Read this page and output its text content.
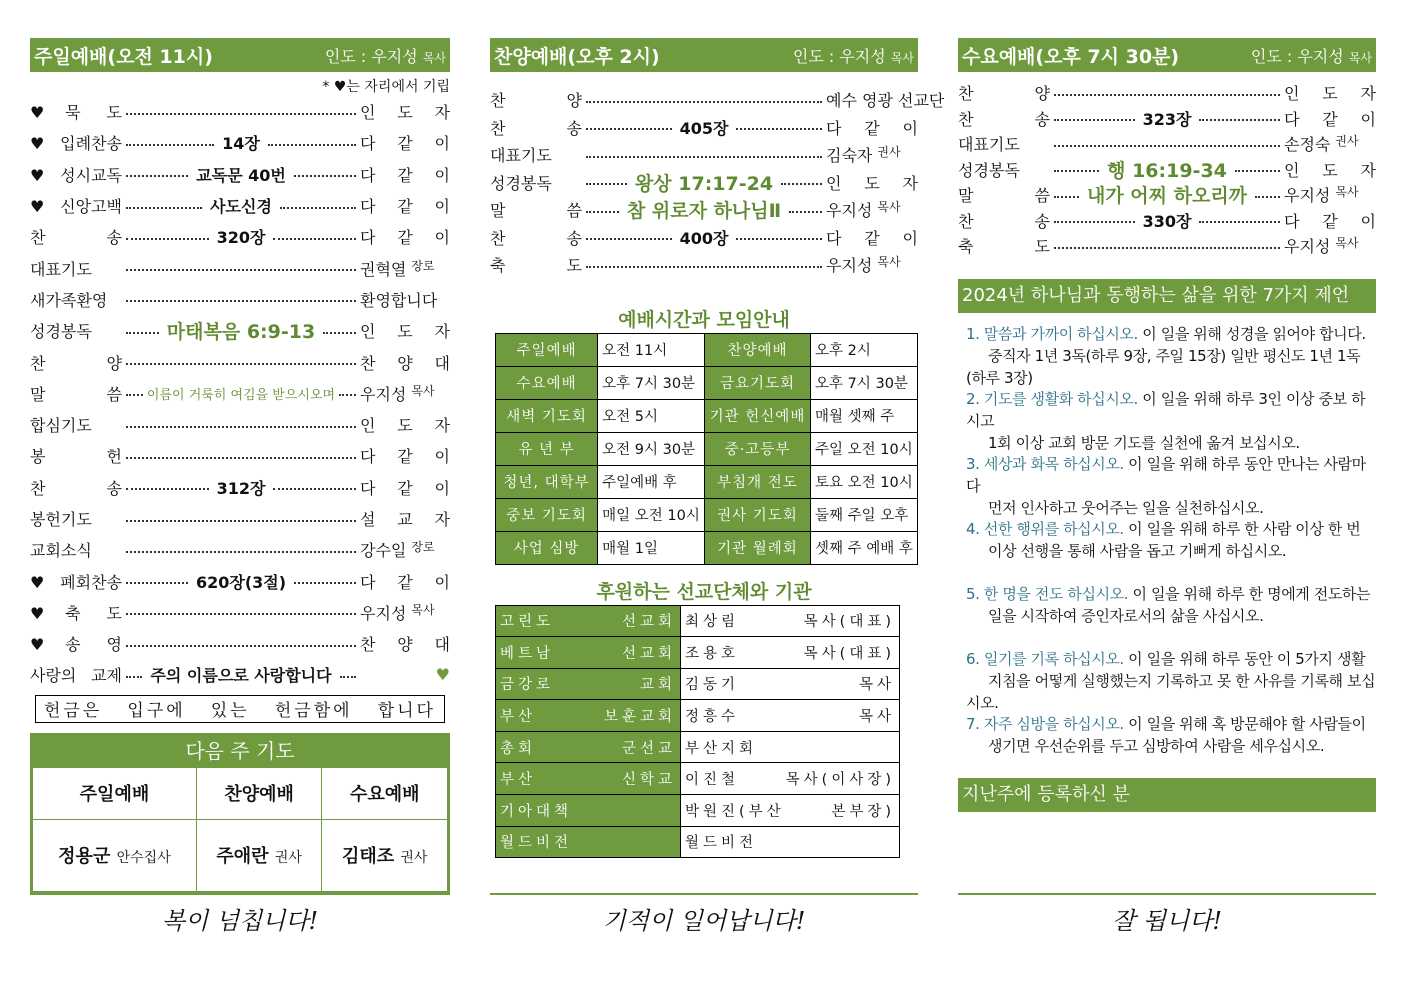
주일예배(오전 11시)	인도 : 우지성 목사
* ♥는 자리에서 기립
♥묵 도	인 도 자
♥입례찬송	14장	다 같 이
♥성시교독	교독문 40번	다 같 이
♥신앙고백	사도신경	다 같 이
찬 송	320장	다 같 이
대표기도	권혁열 장로
새가족환영	환영합니다
성경봉독	마태복음 6:9-13	인 도 자
찬 양	찬 양 대
말 씀	이름이 거룩히 여김을 받으시오며 우지성 목사
합심기도	인 도 자
봉 헌	다 같 이
찬 송	312장	다 같 이
봉헌기도	설 교 자
교회소식	강수일 장로
♥폐회찬송	620장(3절)	다 같 이
♥축 도	우지성 목사
♥송 영	찬 양 대
사랑의 교제	주의 이름으로 사랑합니다	♥
헌금은 입구에 있는 헌금함에 합니다
다음 주 기도
주일예배	찬양예배	수요예배
정용군 안수집사	주애란 권사	김태조 권사
복이 넘칩니다!
찬양예배(오후 2시)	인도 : 우지성 목사
찬 양	예수 영광 선교단
찬 송	405장	다 같 이
대표기도	김숙자 권사
성경봉독	왕상 17:17-24	인 도 자
말 씀	참 위로자 하나님Ⅱ	우지성 목사
찬 송	400장	다 같 이
축 도	우지성 목사
예배시간과 모임안내
주일예배	오전 11시	찬양예배	오후 2시
수요예배	오후 7시 30분	금요기도회	오후 7시 30분
새벽 기도회	오전 5시	기관 헌신예배	매월 셋째 주
유 년 부	오전 9시 30분	중·고등부	주일 오전 10시
청년, 대학부	주일예배 후	부침개 전도	토요 오전 10시
중보 기도회	매일 오전 10시	권사 기도회	둘째 주일 오후
사업 심방	매월 1일	기관 월례회	셋째 주 예배 후
후원하는 선교단체와 기관
고린도 선교회	최상림 목사(대표)
베트남 선교회	조용호 목사(대표)
금강로 교회	김동기 목사
부산 보훈교회	정흥수 목사
총회 군선교	부산지회
부산 신학교	이진철 목사(이사장)
기아대책	박원진(부산 본부장)
월드비전	월드비전
기적이 일어납니다!
수요예배(오후 7시 30분)	인도 : 우지성 목사
찬 양	인 도 자
찬 송	323장	다 같 이
대표기도	손정숙 권사
성경봉독	행 16:19-34	인 도 자
말 씀	내가 어찌 하오리까	우지성 목사
찬 송	330장	다 같 이
축 도	우지성 목사
2024년 하나님과 동행하는 삶을 위한 7가지 제언
1. 말씀과 가까이 하십시오. 이 일을 위해 성경을 읽어야 합니다.
중직자 1년 3독(하루 9장, 주일 15장) 일반 평신도 1년 1독(하루 3장)
2. 기도를 생활화 하십시오. 이 일을 위해 하루 3인 이상 중보 하시고
1회 이상 교회 방문 기도를 실천에 옮겨 보십시오.
3. 세상과 화목 하십시오. 이 일을 위해 하루 동안 만나는 사람마다
먼저 인사하고 웃어주는 일을 실천하십시오.
4. 선한 행위를 하십시오. 이 일을 위해 하루 한 사람 이상 한 번
이상 선행을 통해 사람을 돕고 기뻐게 하십시오.
5. 한 명을 전도 하십시오. 이 일을 위해 하루 한 명에게 전도하는
일을 시작하여 증인자로서의 삶을 사십시오.
6. 일기를 기록 하십시오. 이 일을 위해 하루 동안 이 5가지 생활
지침을 어떻게 실행했는지 기록하고 못 한 사유를 기록해 보십시오.
7. 자주 심방을 하십시오. 이 일을 위해 혹 방문해야 할 사람들이
생기면 우선순위를 두고 심방하여 사람을 세우십시오.
지난주에 등록하신 분
잘 됩니다!
